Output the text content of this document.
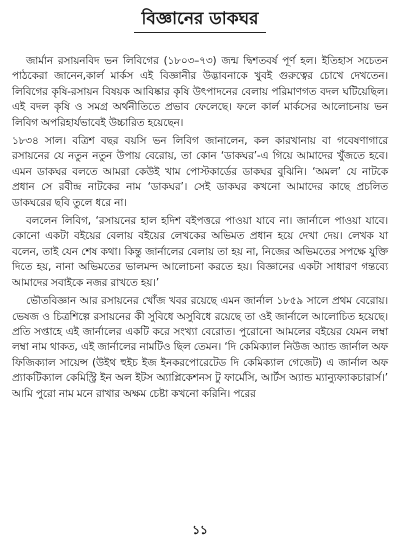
বিজ্ঞানের ডাকঘর

জার্মান রসায়নবিদ ভন লিবিগের (১৮০৩–৭৩) জন্ম দ্বিশতবর্ষ পূর্ণ হল। ইতিহাস সচেতন পাঠকেরা জানেন,কার্ল মার্কস এই বিজ্ঞানীর উদ্ভাবনাকে খুবই গুরুত্বের চোখে দেখতেন। লিবিগের কৃষি-রসায়ন বিষয়ক আবিষ্কার কৃষি উৎপাদনের বেলায় পরিমাণগত বদল ঘটিয়েছিল। এই বদল কৃষি ও সমগ্র অর্থনীতিতে প্রভাব ফেলেছে। ফলে কার্ল মার্কসের আলোচনায় ভন লিবিগ অপরিহার্যভাবেই উচ্চারিত হয়েছেন।

১৮৩৪ সাল। বত্রিশ বছর বয়সি ভন লিবিগ জানালেন, কল কারখানায় বা গবেষণাগারে রসায়নের যে নতুন নতুন উপায় বেরোয়, তা কোন ‘ডাকঘর’-এ গিয়ে আমাদের খুঁজতে হবে। এমন ডাকঘর বলতে আমরা কেউই খাম পোস্টকার্ডের ডাকঘর বুঝিনি। ‘অমল’ যে নাটকে প্রধান সে রবীন্দ্র নাটকের নাম ‘ডাকঘর’। সেই ডাকঘর কখনো আমাদের কাছে প্রচলিত ডাকঘরের ছবি তুলে ধরে না।

বললেন লিবিগ, ‘রসায়নের হাল হদিশ বইপত্তরে পাওয়া যাবে না। জার্নালে পাওয়া যাবে। কোনো একটা বইয়ের বেলায় বইয়ের লেখকের অভিমত প্রধান হয়ে দেখা দেয়। লেখক যা বলেন, তাই যেন শেষ কথা। কিন্তু জার্নালের বেলায় তা হয় না, নিজের অভিমতের সপক্ষে যুক্তি দিতে হয়, নানা অভিমতের ভালমন্দ আলোচনা করতে হয়। বিজ্ঞানের একটা সাধারণ গন্তব্যে আমাদের সবাইকে নজর রাখতে হয়।’

ভৌতবিজ্ঞান আর রসায়নের খোঁজ খবর রয়েছে এমন জার্নাল ১৮৫৯ সালে প্রথম বেরোয়। ভেষজ ও চিত্রশিল্পে রসায়নের কী সুবিধে অসুবিধে রয়েছে তা ওই জার্নালে আলোচিত হয়েছে। প্রতি সপ্তাহে এই জার্নালের একটি করে সংখ্যা বেরোত। পুরোনো আমলের বইয়ের যেমন লম্বা লম্বা নাম থাকত, এই জার্নালের নামটিও ছিল তেমন। ‘দি কেমিক্যাল নিউজ অ্যান্ড জার্নাল অফ ফিজিক্যাল সায়েন্স (উইথ হুইচ ইজ ইনকরপোরেটেড দি কেমিক্যাল গেজেট) এ জার্নাল অফ প্র্যাকটিক্যাল কেমিস্ট্রি ইন অল ইটস অ্যাপ্লিকেশনস টু ফার্মেসি, আর্টস অ্যান্ড ম্যান্যুফ্যাকচারার্স।’ আমি পুরো নাম মনে রাখার অক্ষম চেষ্টা কখনো করিনি। পরের

১১
